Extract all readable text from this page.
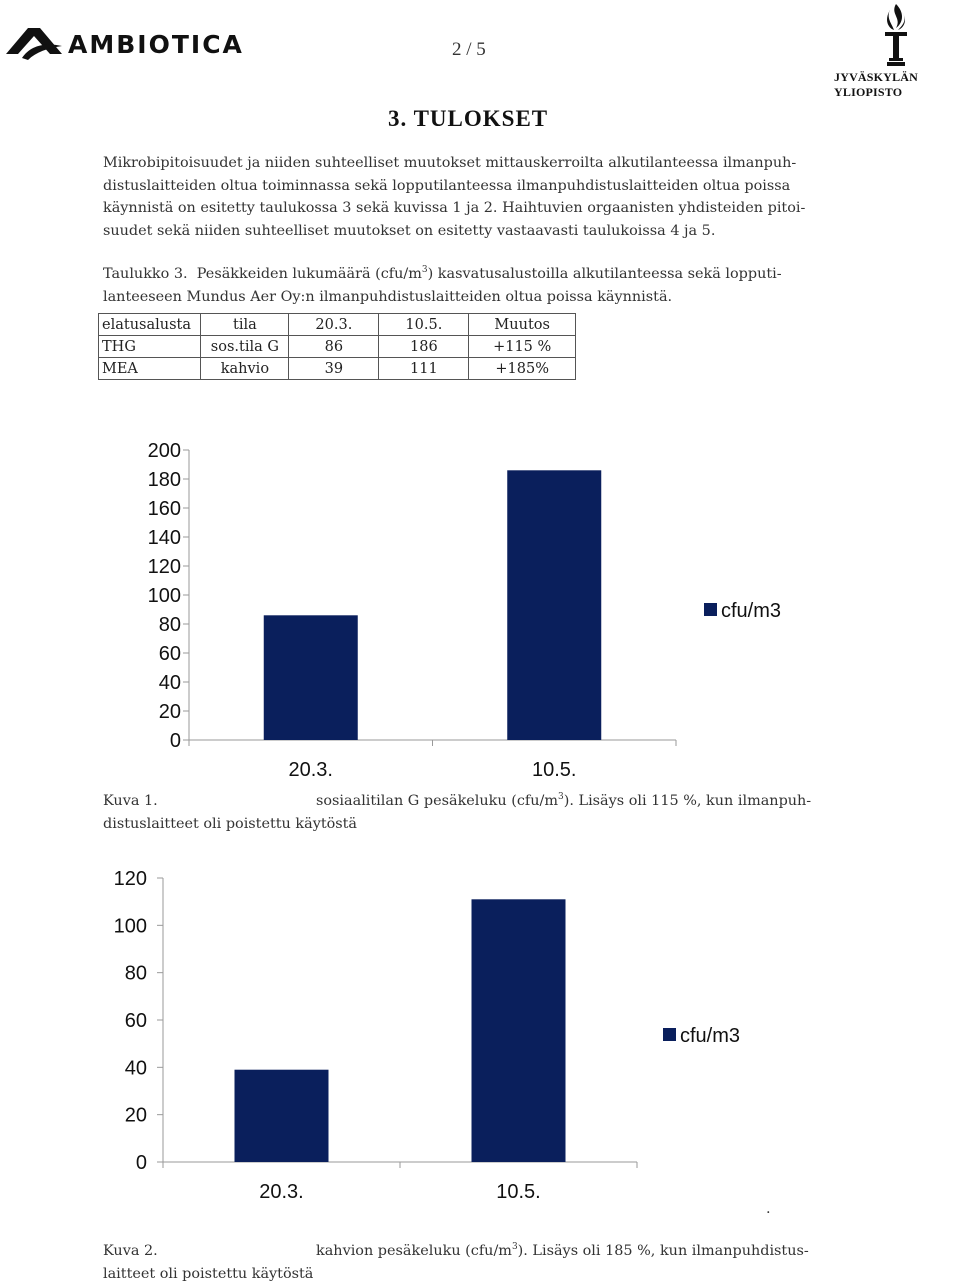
AMBIOTICA	2 / 5
JYVÄSKYLÄN YLIOPISTO
3. TULOKSET
Mikrobipitoisuudet ja niiden suhteelliset muutokset mittauskerroilta alkutilanteessa ilmanpuh-
distuslaitteiden oltua toiminnassa sekä lopputilanteessa ilmanpuhdistuslaitteiden oltua poissa
käynnistä on esitetty taulukossa 3 sekä kuvissa 1 ja 2. Haihtuvien orgaanisten yhdisteiden pitoi-
suudet sekä niiden suhteelliset muutokset on esitetty vastaavasti taulukoissa 4 ja 5.
Taulukko 3. Pesäkkeiden lukumäärä $(cfu/m^3)$ kasvatusalustoilla alkutilanteessa sekä lopputi-
lanteeseen Mundus Aer Oy:n ilmanpuhdistuslaitteiden oltua poissa käynnistä.
elatusalusta	tila	20.3.	10.5.	Muutos
THG	sos.tila G	86	186	+115 %
MEA	kahvio	39	111	+185%
0
20
40
60
80
100
120
140
160
180
200
20.3.	10.5.
cfu/m3
Kuva 1.	sosiaalitilan G pesäkeluku $(cfu/m^3)$. Lisäys oli 115 %, kun ilmanpuh-
distuslaitteet oli poistettu käytöstä
0
20
40
60
80
100
120
20.3.	10.5.
cfu/m3
.
Kuva 2.	kahvion pesäkeluku $(cfu/m^3)$. Lisäys oli 185 %, kun ilmanpuhdistus-
laitteet oli poistettu käytöstä
